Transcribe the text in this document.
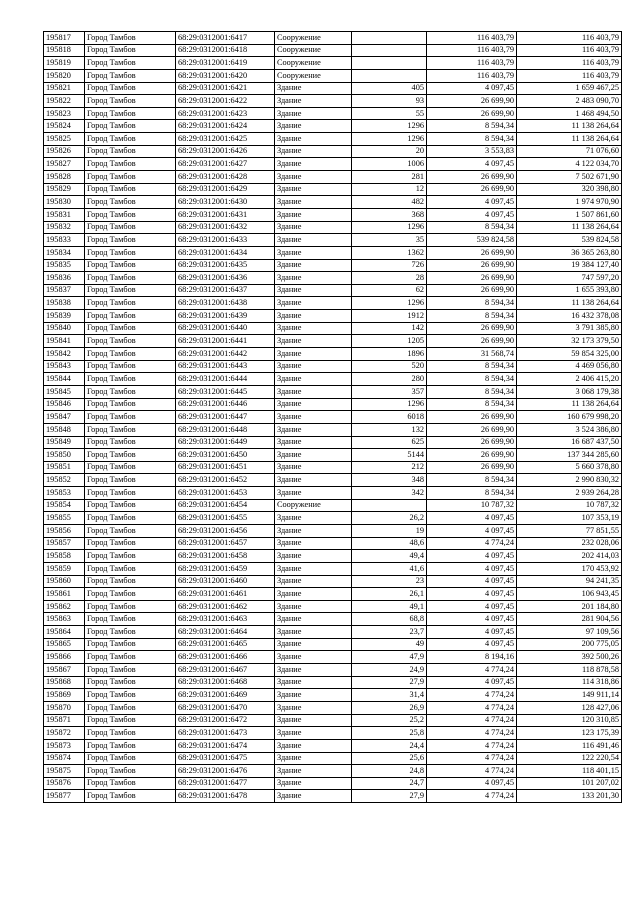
195817	Город Тамбов	68:29:0312001:6417	Сооружение		116 403,79	116 403,79
195818	Город Тамбов	68:29:0312001:6418	Сооружение		116 403,79	116 403,79
195819	Город Тамбов	68:29:0312001:6419	Сооружение		116 403,79	116 403,79
195820	Город Тамбов	68:29:0312001:6420	Сооружение		116 403,79	116 403,79
195821	Город Тамбов	68:29:0312001:6421	Здание	405	4 097,45	1 659 467,25
195822	Город Тамбов	68:29:0312001:6422	Здание	93	26 699,90	2 483 090,70
195823	Город Тамбов	68:29:0312001:6423	Здание	55	26 699,90	1 468 494,50
195824	Город Тамбов	68:29:0312001:6424	Здание	1296	8 594,34	11 138 264,64
195825	Город Тамбов	68:29:0312001:6425	Здание	1296	8 594,34	11 138 264,64
195826	Город Тамбов	68:29:0312001:6426	Здание	20	3 553,83	71 076,60
195827	Город Тамбов	68:29:0312001:6427	Здание	1006	4 097,45	4 122 034,70
195828	Город Тамбов	68:29:0312001:6428	Здание	281	26 699,90	7 502 671,90
195829	Город Тамбов	68:29:0312001:6429	Здание	12	26 699,90	320 398,80
195830	Город Тамбов	68:29:0312001:6430	Здание	482	4 097,45	1 974 970,90
195831	Город Тамбов	68:29:0312001:6431	Здание	368	4 097,45	1 507 861,60
195832	Город Тамбов	68:29:0312001:6432	Здание	1296	8 594,34	11 138 264,64
195833	Город Тамбов	68:29:0312001:6433	Здание	35	539 824,58	539 824,58
195834	Город Тамбов	68:29:0312001:6434	Здание	1362	26 699,90	36 365 263,80
195835	Город Тамбов	68:29:0312001:6435	Здание	726	26 699,90	19 384 127,40
195836	Город Тамбов	68:29:0312001:6436	Здание	28	26 699,90	747 597,20
195837	Город Тамбов	68:29:0312001:6437	Здание	62	26 699,90	1 655 393,80
195838	Город Тамбов	68:29:0312001:6438	Здание	1296	8 594,34	11 138 264,64
195839	Город Тамбов	68:29:0312001:6439	Здание	1912	8 594,34	16 432 378,08
195840	Город Тамбов	68:29:0312001:6440	Здание	142	26 699,90	3 791 385,80
195841	Город Тамбов	68:29:0312001:6441	Здание	1205	26 699,90	32 173 379,50
195842	Город Тамбов	68:29:0312001:6442	Здание	1896	31 568,74	59 854 325,00
195843	Город Тамбов	68:29:0312001:6443	Здание	520	8 594,34	4 469 056,80
195844	Город Тамбов	68:29:0312001:6444	Здание	280	8 594,34	2 406 415,20
195845	Город Тамбов	68:29:0312001:6445	Здание	357	8 594,34	3 068 179,38
195846	Город Тамбов	68:29:0312001:6446	Здание	1296	8 594,34	11 138 264,64
195847	Город Тамбов	68:29:0312001:6447	Здание	6018	26 699,90	160 679 998,20
195848	Город Тамбов	68:29:0312001:6448	Здание	132	26 699,90	3 524 386,80
195849	Город Тамбов	68:29:0312001:6449	Здание	625	26 699,90	16 687 437,50
195850	Город Тамбов	68:29:0312001:6450	Здание	5144	26 699,90	137 344 285,60
195851	Город Тамбов	68:29:0312001:6451	Здание	212	26 699,90	5 660 378,80
195852	Город Тамбов	68:29:0312001:6452	Здание	348	8 594,34	2 990 830,32
195853	Город Тамбов	68:29:0312001:6453	Здание	342	8 594,34	2 939 264,28
195854	Город Тамбов	68:29:0312001:6454	Сооружение		10 787,32	10 787,32
195855	Город Тамбов	68:29:0312001:6455	Здание	26,2	4 097,45	107 353,19
195856	Город Тамбов	68:29:0312001:6456	Здание	19	4 097,45	77 851,55
195857	Город Тамбов	68:29:0312001:6457	Здание	48,6	4 774,24	232 028,06
195858	Город Тамбов	68:29:0312001:6458	Здание	49,4	4 097,45	202 414,03
195859	Город Тамбов	68:29:0312001:6459	Здание	41,6	4 097,45	170 453,92
195860	Город Тамбов	68:29:0312001:6460	Здание	23	4 097,45	94 241,35
195861	Город Тамбов	68:29:0312001:6461	Здание	26,1	4 097,45	106 943,45
195862	Город Тамбов	68:29:0312001:6462	Здание	49,1	4 097,45	201 184,80
195863	Город Тамбов	68:29:0312001:6463	Здание	68,8	4 097,45	281 904,56
195864	Город Тамбов	68:29:0312001:6464	Здание	23,7	4 097,45	97 109,56
195865	Город Тамбов	68:29:0312001:6465	Здание	49	4 097,45	200 775,05
195866	Город Тамбов	68:29:0312001:6466	Здание	47,9	8 194,16	392 500,26
195867	Город Тамбов	68:29:0312001:6467	Здание	24,9	4 774,24	118 878,58
195868	Город Тамбов	68:29:0312001:6468	Здание	27,9	4 097,45	114 318,86
195869	Город Тамбов	68:29:0312001:6469	Здание	31,4	4 774,24	149 911,14
195870	Город Тамбов	68:29:0312001:6470	Здание	26,9	4 774,24	128 427,06
195871	Город Тамбов	68:29:0312001:6472	Здание	25,2	4 774,24	120 310,85
195872	Город Тамбов	68:29:0312001:6473	Здание	25,8	4 774,24	123 175,39
195873	Город Тамбов	68:29:0312001:6474	Здание	24,4	4 774,24	116 491,46
195874	Город Тамбов	68:29:0312001:6475	Здание	25,6	4 774,24	122 220,54
195875	Город Тамбов	68:29:0312001:6476	Здание	24,8	4 774,24	118 401,15
195876	Город Тамбов	68:29:0312001:6477	Здание	24,7	4 097,45	101 207,02
195877	Город Тамбов	68:29:0312001:6478	Здание	27,9	4 774,24	133 201,30
